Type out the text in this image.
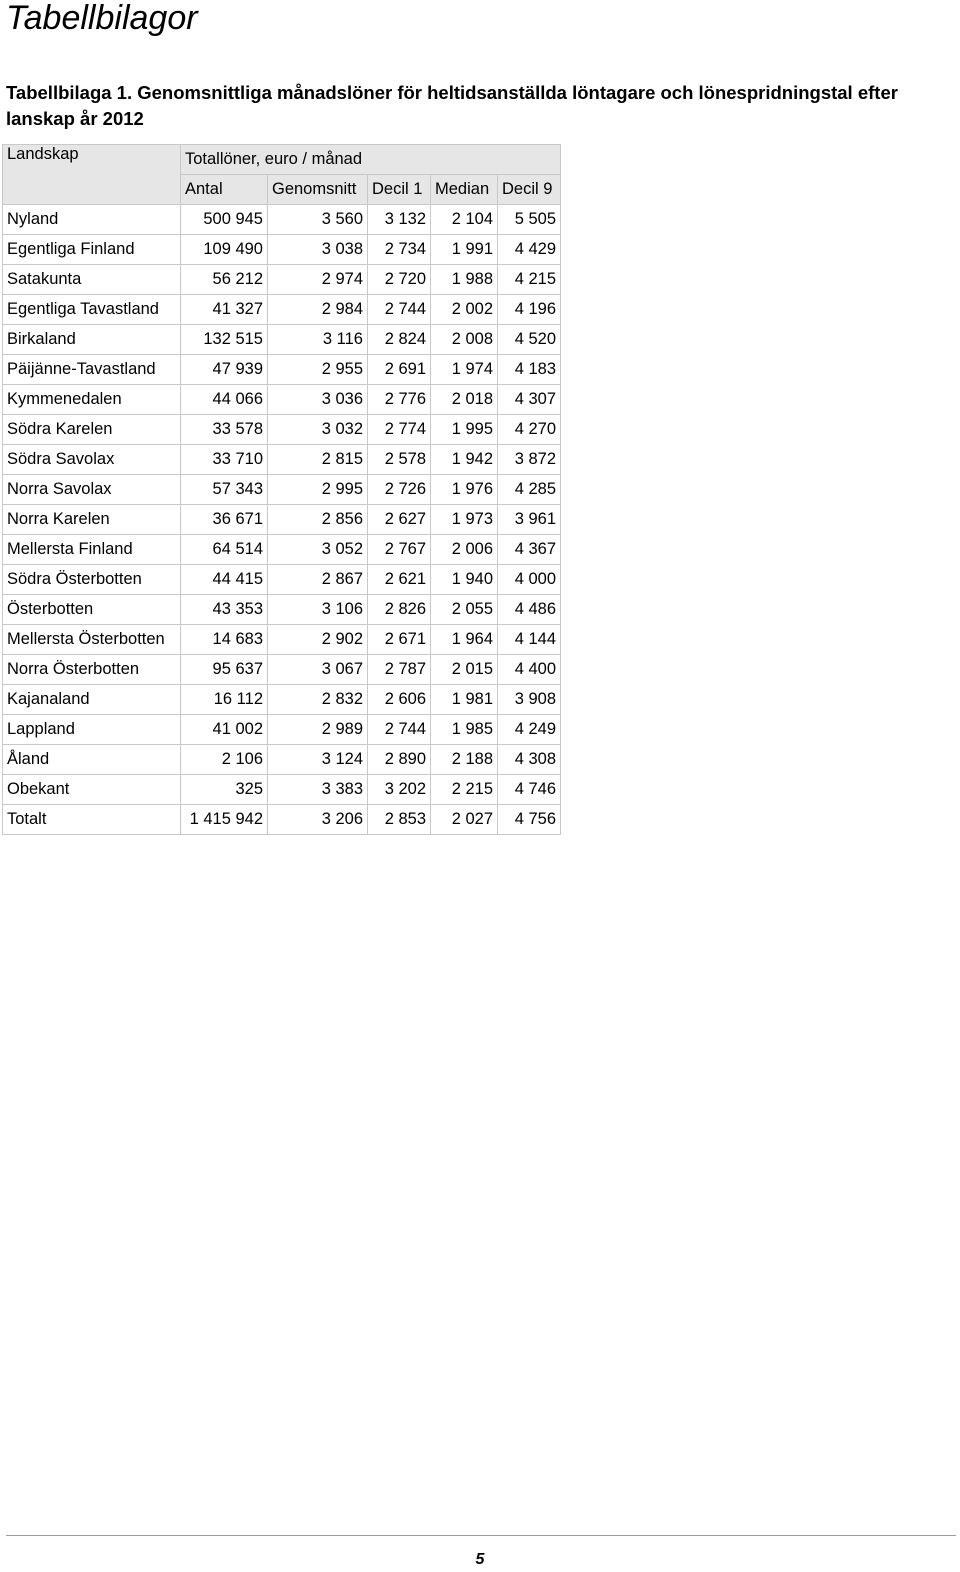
Tabellbilagor
Tabellbilaga 1. Genomsnittliga månadslöner för heltidsanställda löntagare och lönespridningstal efter lanskap år 2012
Landskap	Totallöner, euro / månad				
	Antal	Genomsnitt	Decil 1	Median	Decil 9
Nyland	500 945	3 560	3 132	2 104	5 505
Egentliga Finland	109 490	3 038	2 734	1 991	4 429
Satakunta	56 212	2 974	2 720	1 988	4 215
Egentliga Tavastland	41 327	2 984	2 744	2 002	4 196
Birkaland	132 515	3 116	2 824	2 008	4 520
Päijänne-Tavastland	47 939	2 955	2 691	1 974	4 183
Kymmenedalen	44 066	3 036	2 776	2 018	4 307
Södra Karelen	33 578	3 032	2 774	1 995	4 270
Södra Savolax	33 710	2 815	2 578	1 942	3 872
Norra Savolax	57 343	2 995	2 726	1 976	4 285
Norra Karelen	36 671	2 856	2 627	1 973	3 961
Mellersta Finland	64 514	3 052	2 767	2 006	4 367
Södra Österbotten	44 415	2 867	2 621	1 940	4 000
Österbotten	43 353	3 106	2 826	2 055	4 486
Mellersta Österbotten	14 683	2 902	2 671	1 964	4 144
Norra Österbotten	95 637	3 067	2 787	2 015	4 400
Kajanaland	16 112	2 832	2 606	1 981	3 908
Lappland	41 002	2 989	2 744	1 985	4 249
Åland	2 106	3 124	2 890	2 188	4 308
Obekant	325	3 383	3 202	2 215	4 746
Totalt	1 415 942	3 206	2 853	2 027	4 756
5
